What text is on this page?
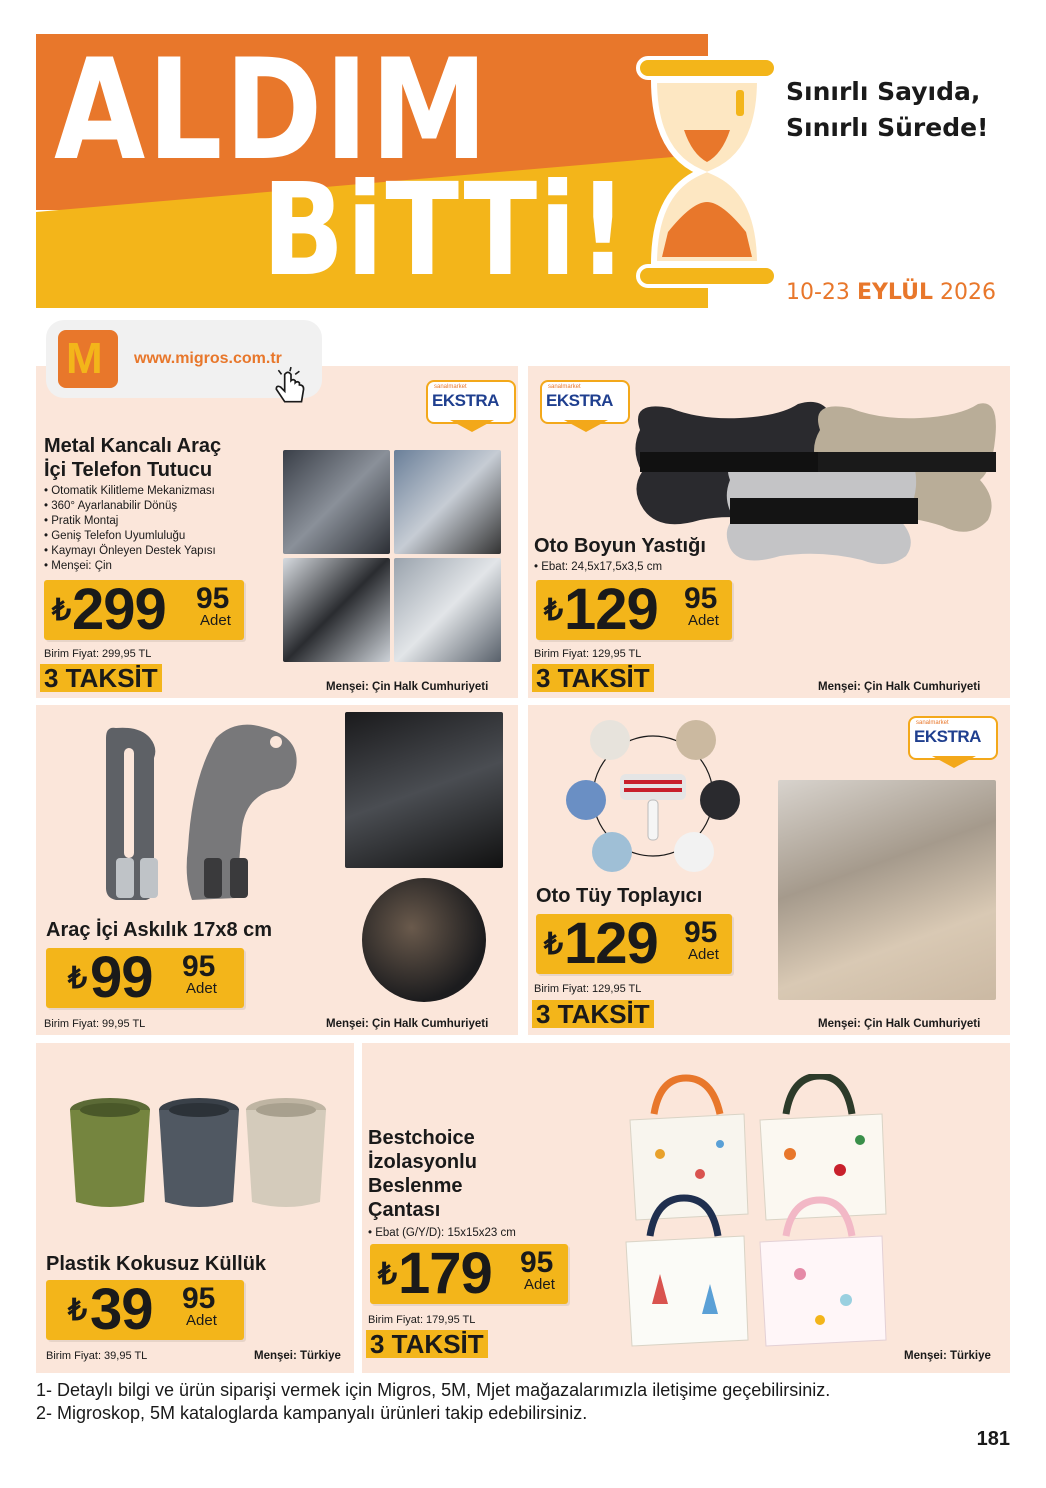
ALDIM
BiTTi!
Sınırlı Sayıda,
Sınırlı Sürede!
10-23 EYLÜL 2026
M www.migros.com.tr
sanalmarket
EKSTRA
Metal Kancalı Araç
İçi Telefon Tutucu
• Otomatik Kilitleme Mekanizması
• 360° Ayarlanabilir Dönüş
• Pratik Montaj
• Geniş Telefon Uyumluluğu
• Kaymayı Önleyen Destek Yapısı
• Menşei: Çin
₺ 299 95
Adet
Birim Fiyat: 299,95 TL
3 TAKSİT	Menşei: Çin Halk Cumhuriyeti
sanalmarket
EKSTRA
Oto Boyun Yastığı
• Ebat: 24,5x17,5x3,5 cm
₺ 129 95
Adet
Birim Fiyat: 129,95 TL
3 TAKSİT	Menşei: Çin Halk Cumhuriyeti
Araç İçi Askılık 17x8 cm
₺ 99 95
Adet
Birim Fiyat: 99,95 TL	Menşei: Çin Halk Cumhuriyeti
sanalmarket
EKSTRA
Oto Tüy Toplayıcı
₺ 129 95
Adet
Birim Fiyat: 129,95 TL
3 TAKSİT	Menşei: Çin Halk Cumhuriyeti
Plastik Kokusuz Küllük
₺ 39 95
Adet
Birim Fiyat: 39,95 TL	Menşei: Türkiye
Bestchoice
İzolasyonlu
Beslenme
Çantası
• Ebat (G/Y/D): 15x15x23 cm
₺ 179 95
Adet
Birim Fiyat: 179,95 TL
3 TAKSİT	Menşei: Türkiye
1- Detaylı bilgi ve ürün siparişi vermek için Migros, 5M, Mjet mağazalarımızla iletişime geçebilirsiniz.
2- Migroskop, 5M kataloglarda kampanyalı ürünleri takip edebilirsiniz.
181
